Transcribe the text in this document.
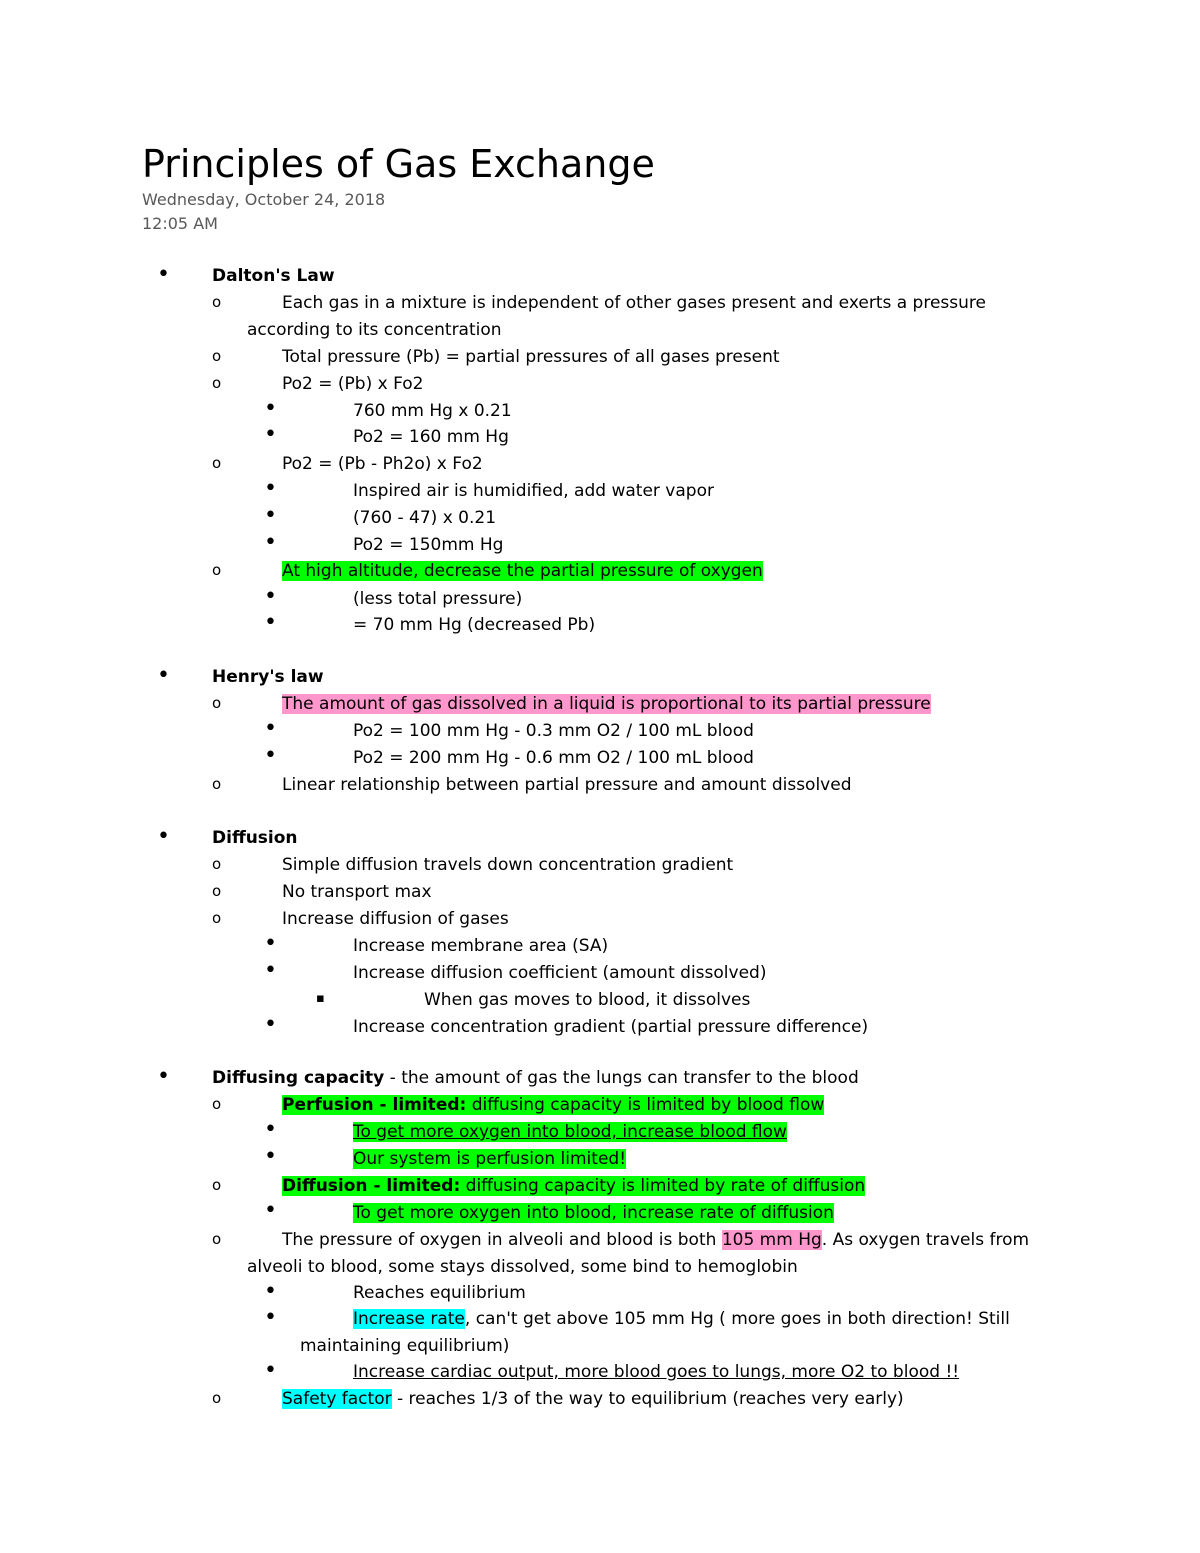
Principles of Gas Exchange
Wednesday, October 24, 2018
12:05 AM
• Dalton's Law
o	Each gas in a mixture is independent of other gases present and exerts a pressure
according to its concentration
o	Total pressure (Pb) = partial pressures of all gases present
o	Po2 = (Pb) x Fo2
•	760 mm Hg x 0.21
•	Po2 = 160 mm Hg
o	Po2 = (Pb - Ph2o) x Fo2
•	Inspired air is humidified, add water vapor
•	(760 - 47) x 0.21
•	Po2 = 150mm Hg
o	At high altitude, decrease the partial pressure of oxygen
•	(less total pressure)
•	= 70 mm Hg (decreased Pb)
• Henry's law
o	The amount of gas dissolved in a liquid is proportional to its partial pressure
•	Po2 = 100 mm Hg - 0.3 mm O2 / 100 mL blood
•	Po2 = 200 mm Hg - 0.6 mm O2 / 100 mL blood
o	Linear relationship between partial pressure and amount dissolved
• Diffusion
o	Simple diffusion travels down concentration gradient
o	No transport max
o	Increase diffusion of gases
•	Increase membrane area (SA)
•	Increase diffusion coefficient (amount dissolved)
▪	When gas moves to blood, it dissolves
•	Increase concentration gradient (partial pressure difference)
• Diffusing capacity - the amount of gas the lungs can transfer to the blood
o	Perfusion - limited: diffusing capacity is limited by blood flow
•	To get more oxygen into blood, increase blood flow
•	Our system is perfusion limited!
o	Diffusion - limited: diffusing capacity is limited by rate of diffusion
•	To get more oxygen into blood, increase rate of diffusion
o	The pressure of oxygen in alveoli and blood is both 105 mm Hg. As oxygen travels from
alveoli to blood, some stays dissolved, some bind to hemoglobin
•	Reaches equilibrium
•	Increase rate, can't get above 105 mm Hg ( more goes in both direction! Still
maintaining equilibrium)
•	Increase cardiac output, more blood goes to lungs, more O2 to blood !!
o	Safety factor - reaches 1/3 of the way to equilibrium (reaches very early)
